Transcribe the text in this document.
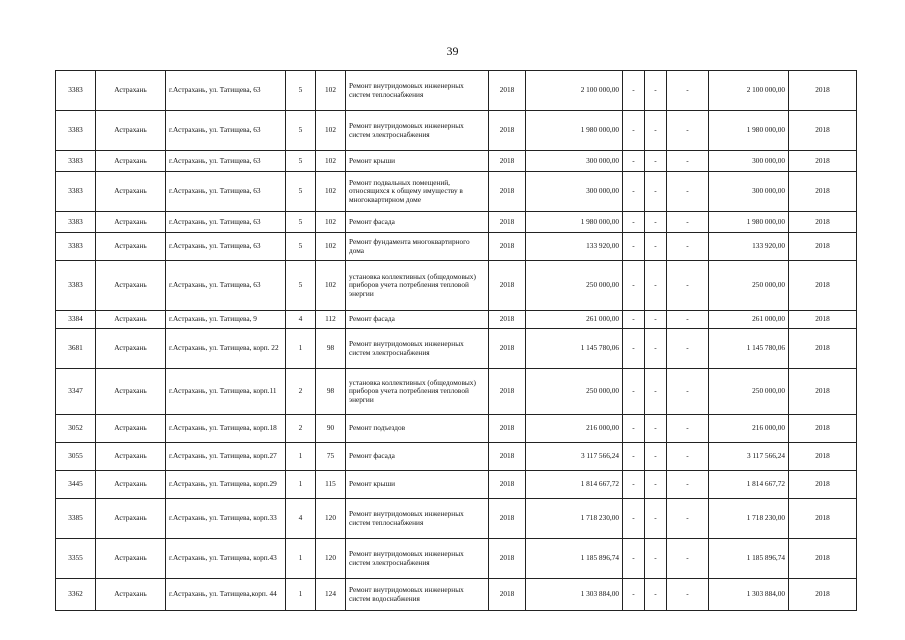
39
3383	Астрахань	г.Астрахань, ул. Татищева, 63	5	102	Ремонт внутридомовых инженерных систем теплоснабжения	2018	2 100 000,00	-	-	-	2 100 000,00	2018
3383	Астрахань	г.Астрахань, ул. Татищева, 63	5	102	Ремонт внутридомовых инженерных систем электроснабжения	2018	1 980 000,00	-	-	-	1 980 000,00	2018
3383	Астрахань	г.Астрахань, ул. Татищева, 63	5	102	Ремонт крыши	2018	300 000,00	-	-	-	300 000,00	2018
3383	Астрахань	г.Астрахань, ул. Татищева, 63	5	102	Ремонт подвальных помещений, относящихся к общему имуществу в многоквартирном доме	2018	300 000,00	-	-	-	300 000,00	2018
3383	Астрахань	г.Астрахань, ул. Татищева, 63	5	102	Ремонт фасада	2018	1 980 000,00	-	-	-	1 980 000,00	2018
3383	Астрахань	г.Астрахань, ул. Татищева, 63	5	102	Ремонт фундамента многоквартирного дома	2018	133 920,00	-	-	-	133 920,00	2018
3383	Астрахань	г.Астрахань, ул. Татищева, 63	5	102	установка коллективных (общедомовых) приборов учета потребления тепловой энергии	2018	250 000,00	-	-	-	250 000,00	2018
3384	Астрахань	г.Астрахань, ул. Татищева, 9	4	112	Ремонт фасада	2018	261 000,00	-	-	-	261 000,00	2018
3681	Астрахань	г.Астрахань, ул. Татищева, корп. 22	1	98	Ремонт внутридомовых инженерных систем электроснабжения	2018	1 145 780,06	-	-	-	1 145 780,06	2018
3347	Астрахань	г.Астрахань, ул. Татищева, корп.11	2	98	установка коллективных (общедомовых) приборов учета потребления тепловой энергии	2018	250 000,00	-	-	-	250 000,00	2018
3052	Астрахань	г.Астрахань, ул. Татищева, корп.18	2	90	Ремонт подъездов	2018	216 000,00	-	-	-	216 000,00	2018
3055	Астрахань	г.Астрахань, ул. Татищева, корп.27	1	75	Ремонт фасада	2018	3 117 566,24	-	-	-	3 117 566,24	2018
3445	Астрахань	г.Астрахань, ул. Татищева, корп.29	1	115	Ремонт крыши	2018	1 814 667,72	-	-	-	1 814 667,72	2018
3385	Астрахань	г.Астрахань, ул. Татищева, корп.33	4	120	Ремонт внутридомовых инженерных систем теплоснабжения	2018	1 718 230,00	-	-	-	1 718 230,00	2018
3355	Астрахань	г.Астрахань, ул. Татищева, корп.43	1	120	Ремонт внутридомовых инженерных систем электроснабжения	2018	1 185 896,74	-	-	-	1 185 896,74	2018
3362	Астрахань	г.Астрахань, ул. Татищева,корп. 44	1	124	Ремонт внутридомовых инженерных систем водоснабжения	2018	1 303 884,00	-	-	-	1 303 884,00	2018
